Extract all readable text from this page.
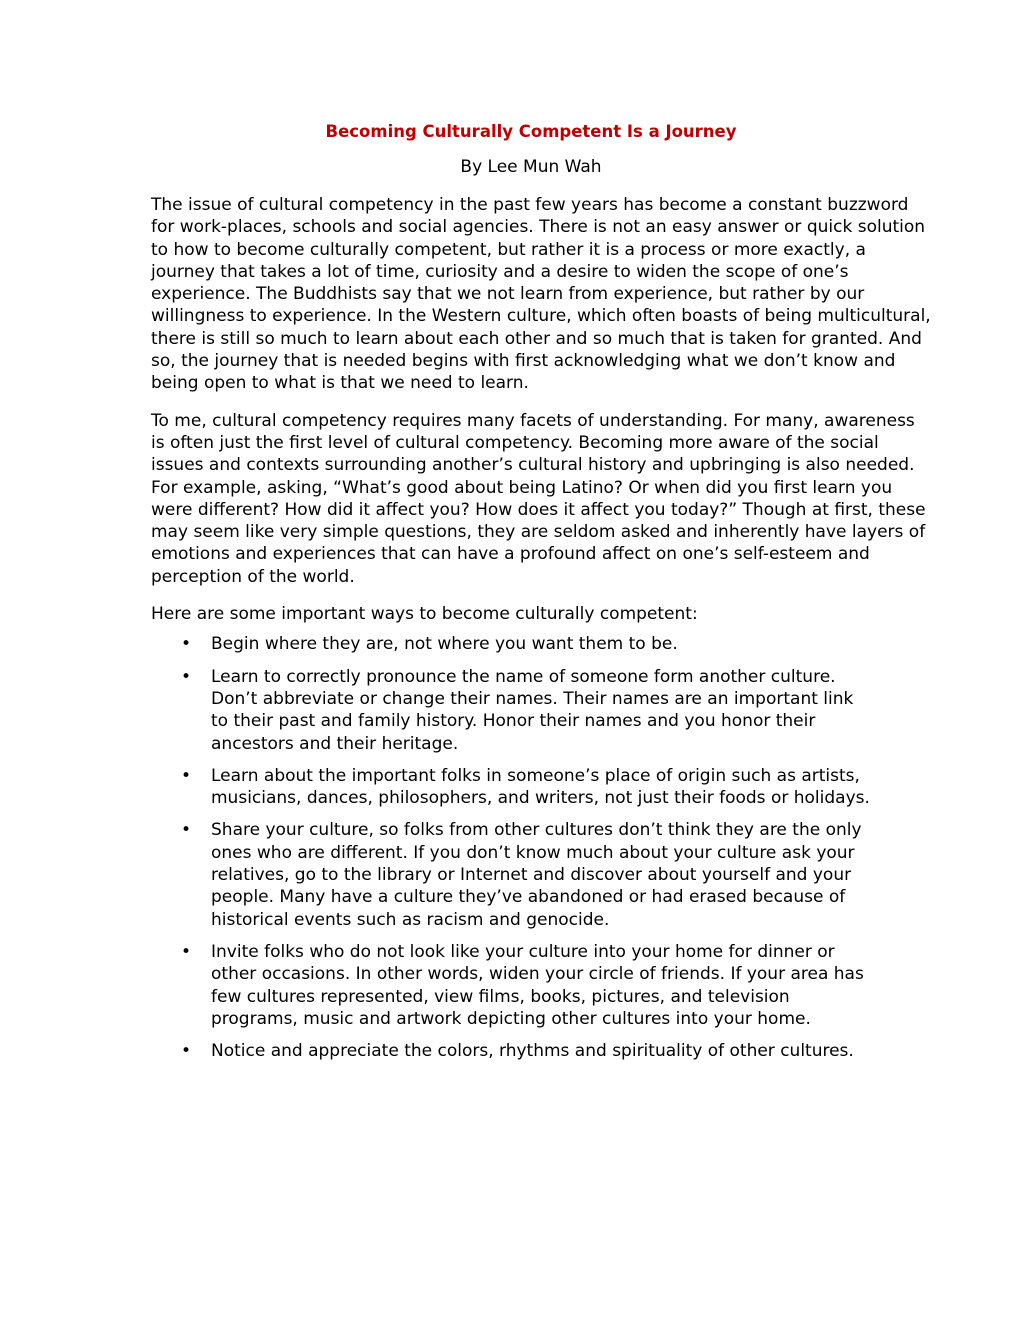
Becoming Culturally Competent Is a Journey

By Lee Mun Wah

The issue of cultural competency in the past few years has become a constant buzzword for work-places, schools and social agencies. There is not an easy answer or quick solution to how to become culturally competent, but rather it is a process or more exactly, a journey that takes a lot of time, curiosity and a desire to widen the scope of one’s experience. The Buddhists say that we not learn from experience, but rather by our willingness to experience. In the Western culture, which often boasts of being multicultural, there is still so much to learn about each other and so much that is taken for granted. And so, the journey that is needed begins with first acknowledging what we don’t know and being open to what is that we need to learn.

To me, cultural competency requires many facets of understanding. For many, awareness is often just the first level of cultural competency. Becoming more aware of the social issues and contexts surrounding another’s cultural history and upbringing is also needed. For example, asking, “What’s good about being Latino? Or when did you first learn you were different? How did it affect you? How does it affect you today?” Though at first, these may seem like very simple questions, they are seldom asked and inherently have layers of emotions and experiences that can have a profound affect on one’s self-esteem and perception of the world.

Here are some important ways to become culturally competent:

• Begin where they are, not where you want them to be.
• Learn to correctly pronounce the name of someone form another culture. Don’t abbreviate or change their names. Their names are an important link to their past and family history. Honor their names and you honor their ancestors and their heritage.
• Learn about the important folks in someone’s place of origin such as artists, musicians, dances, philosophers, and writers, not just their foods or holidays.
• Share your culture, so folks from other cultures don’t think they are the only ones who are different. If you don’t know much about your culture ask your relatives, go to the library or Internet and discover about yourself and your people. Many have a culture they’ve abandoned or had erased because of historical events such as racism and genocide.
• Invite folks who do not look like your culture into your home for dinner or other occasions. In other words, widen your circle of friends. If your area has few cultures represented, view films, books, pictures, and television programs, music and artwork depicting other cultures into your home.
• Notice and appreciate the colors, rhythms and spirituality of other cultures.
